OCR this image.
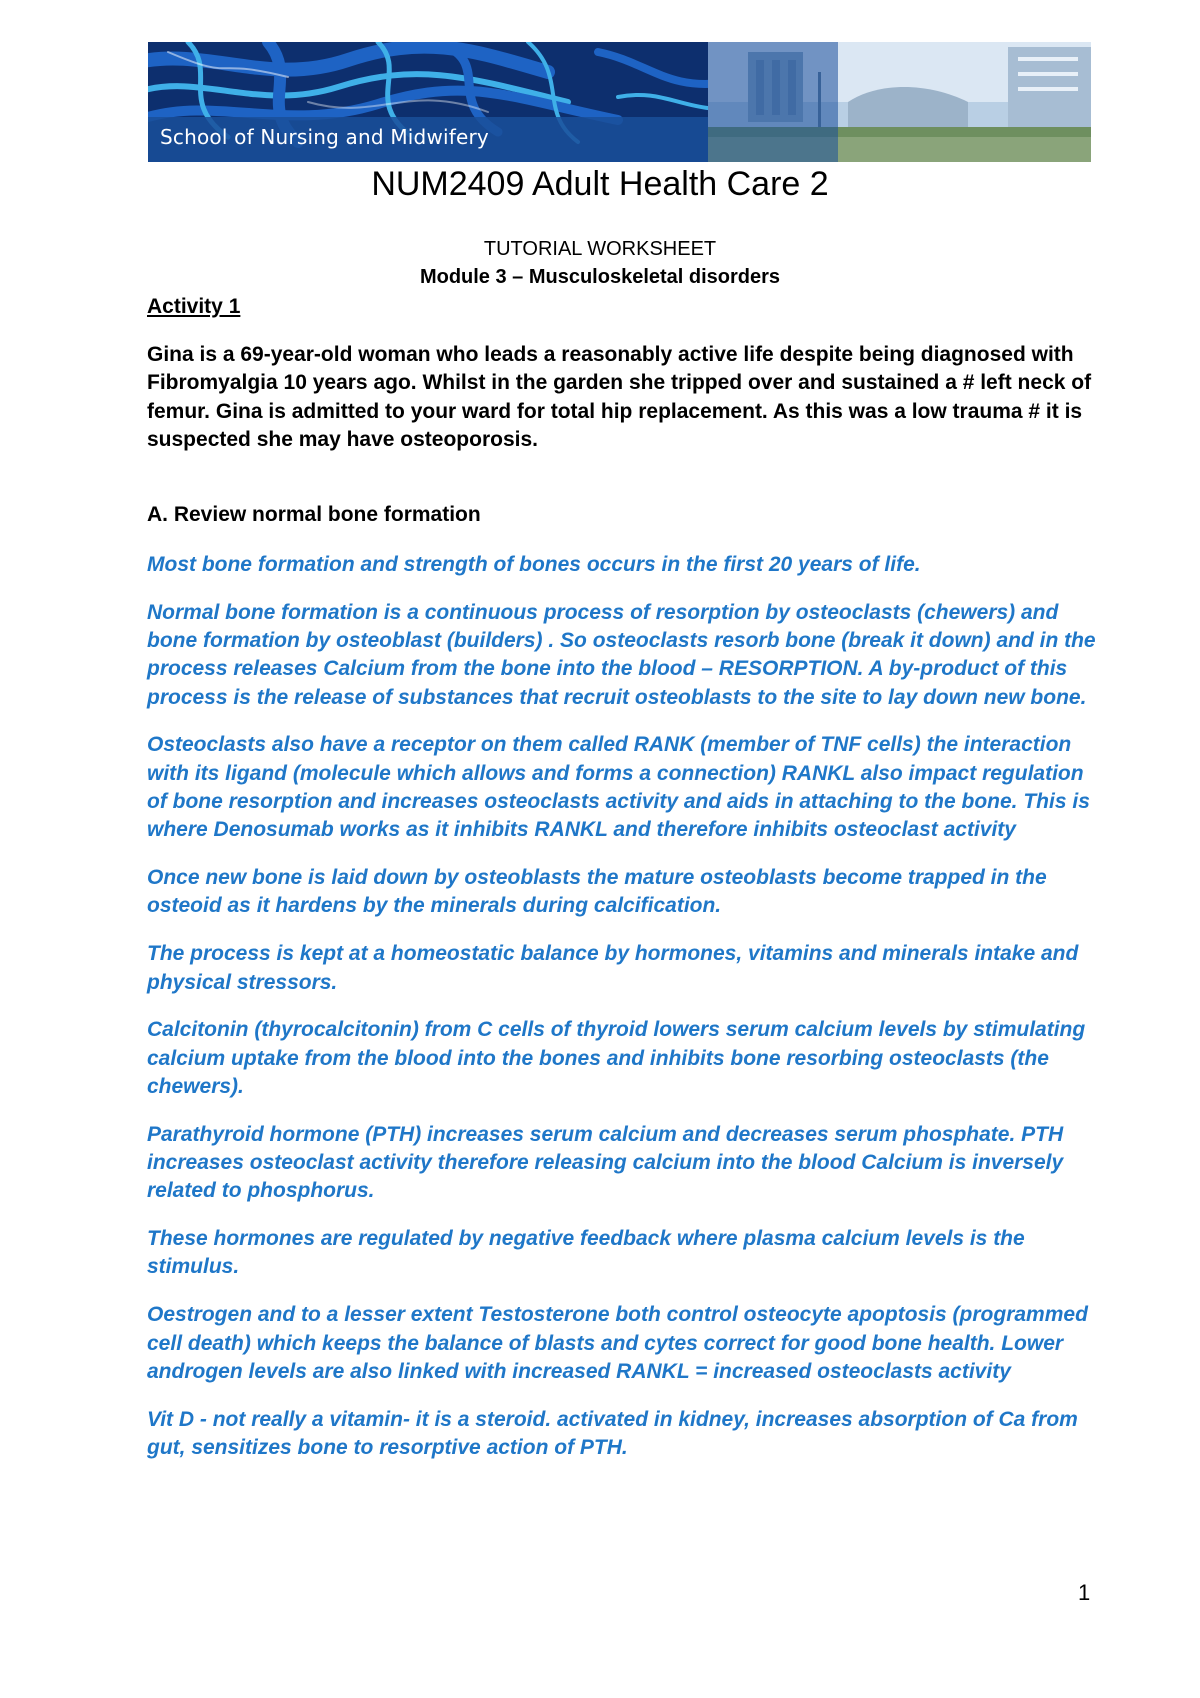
School of Nursing and Midwifery
NUM2409 Adult Health Care 2
TUTORIAL WORKSHEET
Module 3 – Musculoskeletal disorders
Activity 1
Gina is a 69-year-old woman who leads a reasonably active life despite being diagnosed with Fibromyalgia 10 years ago. Whilst in the garden she tripped over and sustained a # left neck of femur. Gina is admitted to your ward for total hip replacement. As this was a low trauma # it is suspected she may have osteoporosis.
A. Review normal bone formation
Most bone formation and strength of bones occurs in the first 20 years of life.
Normal bone formation is a continuous process of resorption by osteoclasts (chewers) and bone formation by osteoblast (builders) . So osteoclasts resorb bone (break it down) and in the process releases Calcium from the bone into the blood – RESORPTION. A by-product of this process is the release of substances that recruit osteoblasts to the site to lay down new bone.
Osteoclasts also have a receptor on them called RANK (member of TNF cells) the interaction with its ligand (molecule which allows and forms a connection) RANKL also impact regulation of bone resorption and increases osteoclasts activity and aids in attaching to the bone. This is where Denosumab works as it inhibits RANKL and therefore inhibits osteoclast activity
Once new bone is laid down by osteoblasts the mature osteoblasts become trapped in the osteoid as it hardens by the minerals during calcification.
The process is kept at a homeostatic balance by hormones, vitamins and minerals intake and physical stressors.
Calcitonin (thyrocalcitonin) from C cells of thyroid lowers serum calcium levels by stimulating calcium uptake from the blood into the bones and inhibits bone resorbing osteoclasts (the chewers).
Parathyroid hormone (PTH) increases serum calcium and decreases serum phosphate. PTH increases osteoclast activity therefore releasing calcium into the blood Calcium is inversely related to phosphorus.
These hormones are regulated by negative feedback where plasma calcium levels is the stimulus.
Oestrogen and to a lesser extent Testosterone both control osteocyte apoptosis (programmed cell death) which keeps the balance of blasts and cytes correct for good bone health. Lower androgen levels are also linked with increased RANKL = increased osteoclasts activity
Vit D - not really a vitamin- it is a steroid. activated in kidney, increases absorption of Ca from gut, sensitizes bone to resorptive action of PTH.
1
